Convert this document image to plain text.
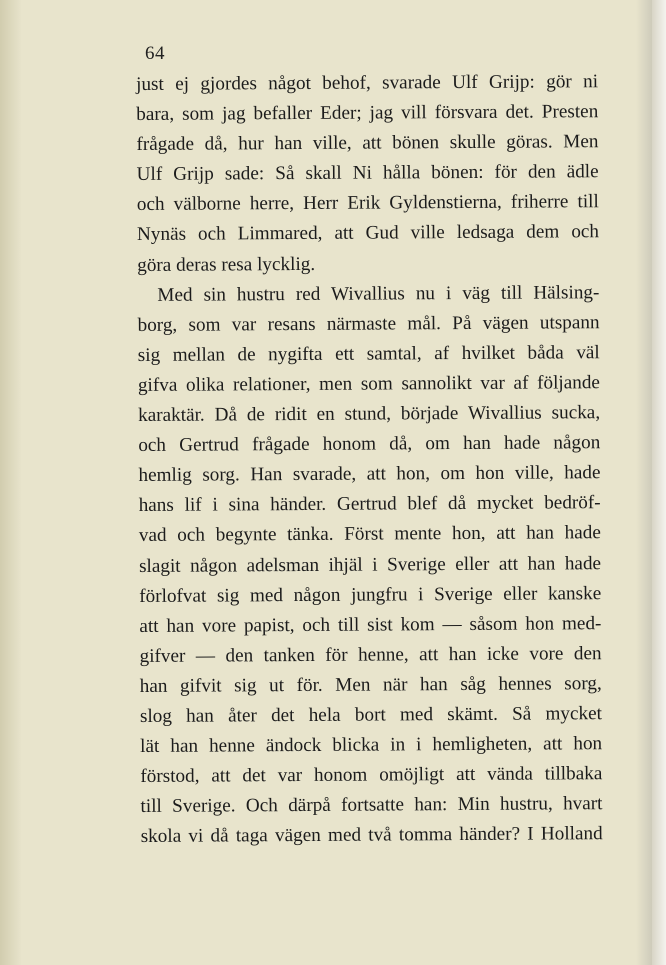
64
just ej gjordes något behof, svarade Ulf Grijp: gör ni
bara, som jag befaller Eder; jag vill försvara det. Presten
frågade då, hur han ville, att bönen skulle göras. Men
Ulf Grijp sade: Så skall Ni hålla bönen: för den ädle
och välborne herre, Herr Erik Gyldenstierna, friherre till
Nynäs och Limmared, att Gud ville ledsaga dem och
göra deras resa lycklig.
Med sin hustru red Wivallius nu i väg till Hälsing-
borg, som var resans närmaste mål. På vägen utspann
sig mellan de nygifta ett samtal, af hvilket båda väl
gifva olika relationer, men som sannolikt var af följande
karaktär. Då de ridit en stund, började Wivallius sucka,
och Gertrud frågade honom då, om han hade någon
hemlig sorg. Han svarade, att hon, om hon ville, hade
hans lif i sina händer. Gertrud blef då mycket bedröf-
vad och begynte tänka. Först mente hon, att han hade
slagit någon adelsman ihjäl i Sverige eller att han hade
förlofvat sig med någon jungfru i Sverige eller kanske
att han vore papist, och till sist kom — såsom hon med-
gifver — den tanken för henne, att han icke vore den
han gifvit sig ut för. Men när han såg hennes sorg,
slog han åter det hela bort med skämt. Så mycket
lät han henne ändock blicka in i hemligheten, att hon
förstod, att det var honom omöjligt att vända tillbaka
till Sverige. Och därpå fortsatte han: Min hustru, hvart
skola vi då taga vägen med två tomma händer? I Holland
